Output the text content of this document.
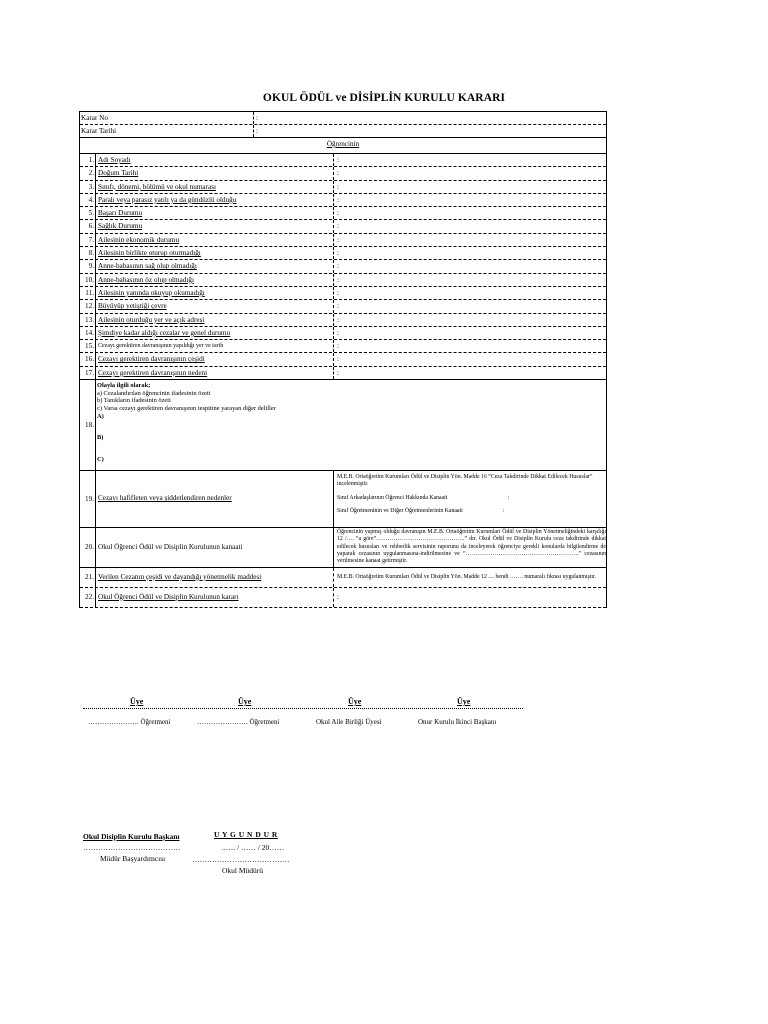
OKUL ÖDÜL ve DİSİPLİN KURULU KARARI
Karar No	:
Karar Tarihi	:
Öğrencinin
1. Adı Soyadı	:
2. Doğum Tarihi	:
3. Sınıfı, dönemi, bölümü ve okul numarası	:
4. Paralı veya parasız yatılı ya da gündüzlü olduğu	:
5. Başarı Durumu	:
6. Sağlık Durumu	:
7. Ailesinin ekonomik durumu	:
8. Ailesinin birlikte oturup oturmadığı	:
9. Anne-babasının sağ olup olmadığı	:
10. Anne-babasının öz olup olmadığı	:
11. Ailesinin yanında okuyup okumadığı	:
12. Büyüyüp yetiştiği çevre	:
13. Ailesinin oturduğu yer ve açık adresi	:
14. Şimdiye kadar aldığı cezalar ve genel durumu	:
15. Cezayı gerektiren davranışının yapıldığı yer ve tarih	:
16. Cezayı gerektiren davranışının çeşidi	:
17. Cezayı gerektiren davranışının nedeni	:
18.
Olayla ilgili olarak;
a) Cezalandırılan öğrencinin ifadesinin özeti
b) Tanıkların ifadesinin özeti
c) Varsa cezayı gerektiren davranışının tespitine yarayan diğer deliller
A)
B)
C)
19. Cezayı hafifleten veya şiddetlendiren nedenler
M.E.B. Ortaöğretim Kurumları Ödül ve Disiplin Yön. Madde 16 “Ceza Takdirinde Dikkat Edilecek Hususlar” incelenmiştir.
Sınıf Arkadaşlarının Öğrenci Hakkında Kanaati	:
Sınıf Öğretmeninin ve Diğer Öğretmenlerinin Kanaati	:
20. Okul Öğrenci Ödül ve Disiplin Kurulunun kanaati
Öğrencinin yapmış olduğu davranışın M.E.B. Ortaöğretim Kurumları Ödül ve Disiplin Yönetmeliğindeki karşılığı 12 /…. “a göre”……………………………………….” dır. Okul Ödül ve Disiplin Kurulu ceza takdirinde dikkat edilecek hususları ve rehberlik servisinin raporunu da inceleyerek öğrenciye gerekli konularda bilgilendirme de yaparak cezasının uygulanmasına-indirilmesine ve “…………………………………………………..” cezasının verilmesine kanaat getirmiştir.
21. Verilen Cezanın çeşidi ve dayandığı yönetmelik maddesi	M.E.B. Ortaöğretim Kurumları Ödül ve Disiplin Yön. Madde 12 .... bendi ……. numaralı fıkrası uygulanmıştır.
22. Okul Öğrenci Ödül ve Disiplin Kurulunun kararı	:
Üye	Üye	Üye	Üye
…………………. Öğretmeni	…………………. Öğretmeni	Okul Aile Birliği Üyesi	Onur Kurulu İkinci Başkanı
Okul Disiplin Kurulu Başkanı
…………………………………
Müdür Başyardımcısı
U Y G U N D U R
..…. / …… / 20……
…………………………………
Okul Müdürü
